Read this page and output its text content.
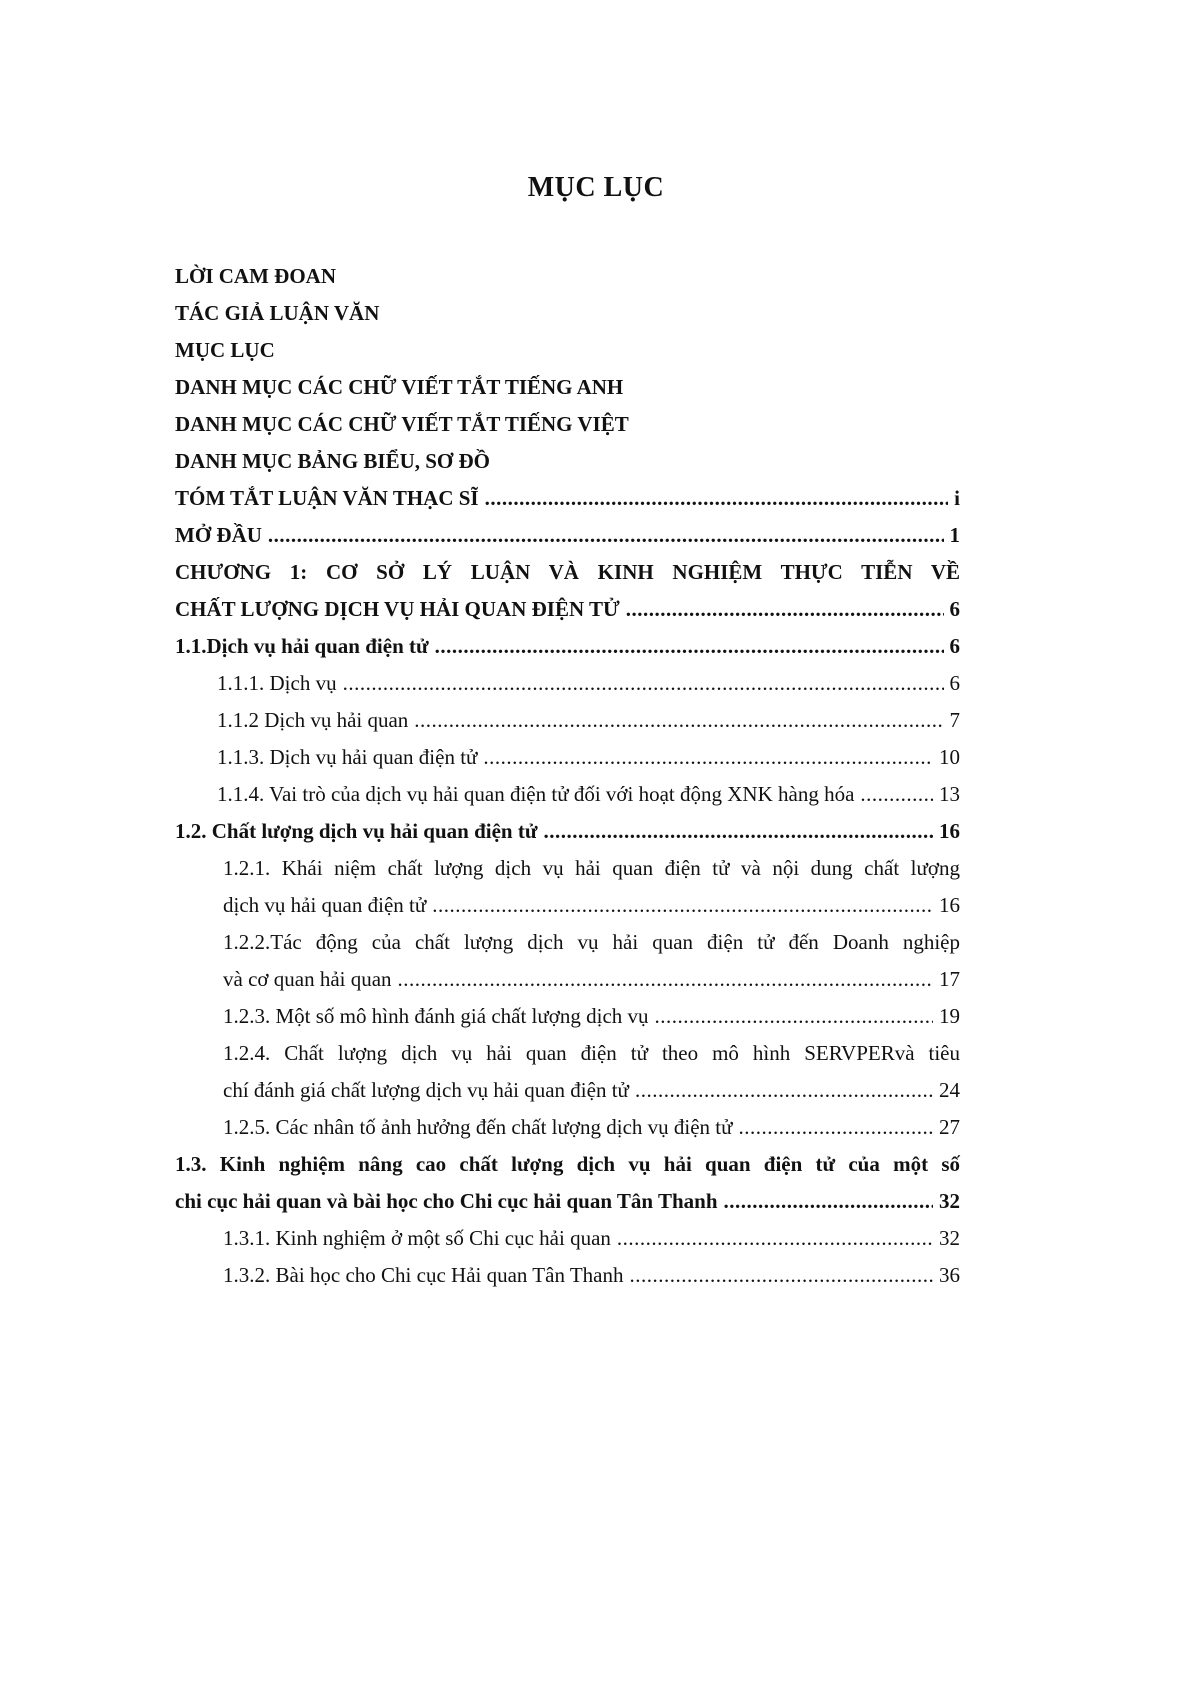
MỤC LỤC
LỜI CAM ĐOAN
TÁC GIẢ LUẬN VĂN
MỤC LỤC
DANH MỤC CÁC CHỮ VIẾT TẮT TIẾNG ANH
DANH MỤC CÁC CHỮ VIẾT TẮT TIẾNG VIỆT
DANH MỤC BẢNG BIỂU, SƠ ĐỒ
TÓM TẮT LUẬN VĂN THẠC SĨ .....	i
MỞ ĐẦU .....	1
CHƯƠNG 1: CƠ SỞ LÝ LUẬN VÀ KINH NGHIỆM THỰC TIỄN VỀ
CHẤT LƯỢNG DỊCH VỤ HẢI QUAN ĐIỆN TỬ .....	6
1.1.Dịch vụ hải quan điện tử .....	6
1.1.1. Dịch vụ .....	6
1.1.2 Dịch vụ hải quan .....	7
1.1.3. Dịch vụ hải quan điện tử .....	10
1.1.4. Vai trò của dịch vụ hải quan điện tử đối với hoạt động XNK hàng hóa .....	13
1.2. Chất lượng dịch vụ hải quan điện tử .....	16
1.2.1. Khái niệm chất lượng dịch vụ hải quan điện tử và nội dung chất lượng
dịch vụ hải quan điện tử .....	16
1.2.2.Tác động của chất lượng dịch vụ hải quan điện tử đến Doanh nghiệp
và cơ quan hải quan .....	17
1.2.3. Một số mô hình đánh giá chất lượng dịch vụ .....	19
1.2.4. Chất lượng dịch vụ hải quan điện tử theo mô hình SERVPERvà tiêu
chí đánh giá chất lượng dịch vụ hải quan điện tử .....	24
1.2.5. Các nhân tố ảnh hưởng đến chất lượng dịch vụ điện tử .....	27
1.3. Kinh nghiệm nâng cao chất lượng dịch vụ hải quan điện tử của một số
chi cục hải quan và bài học cho Chi cục hải quan Tân Thanh .....	32
1.3.1. Kinh nghiệm ở một số Chi cục hải quan .....	32
1.3.2. Bài học cho Chi cục Hải quan Tân Thanh .....	36
